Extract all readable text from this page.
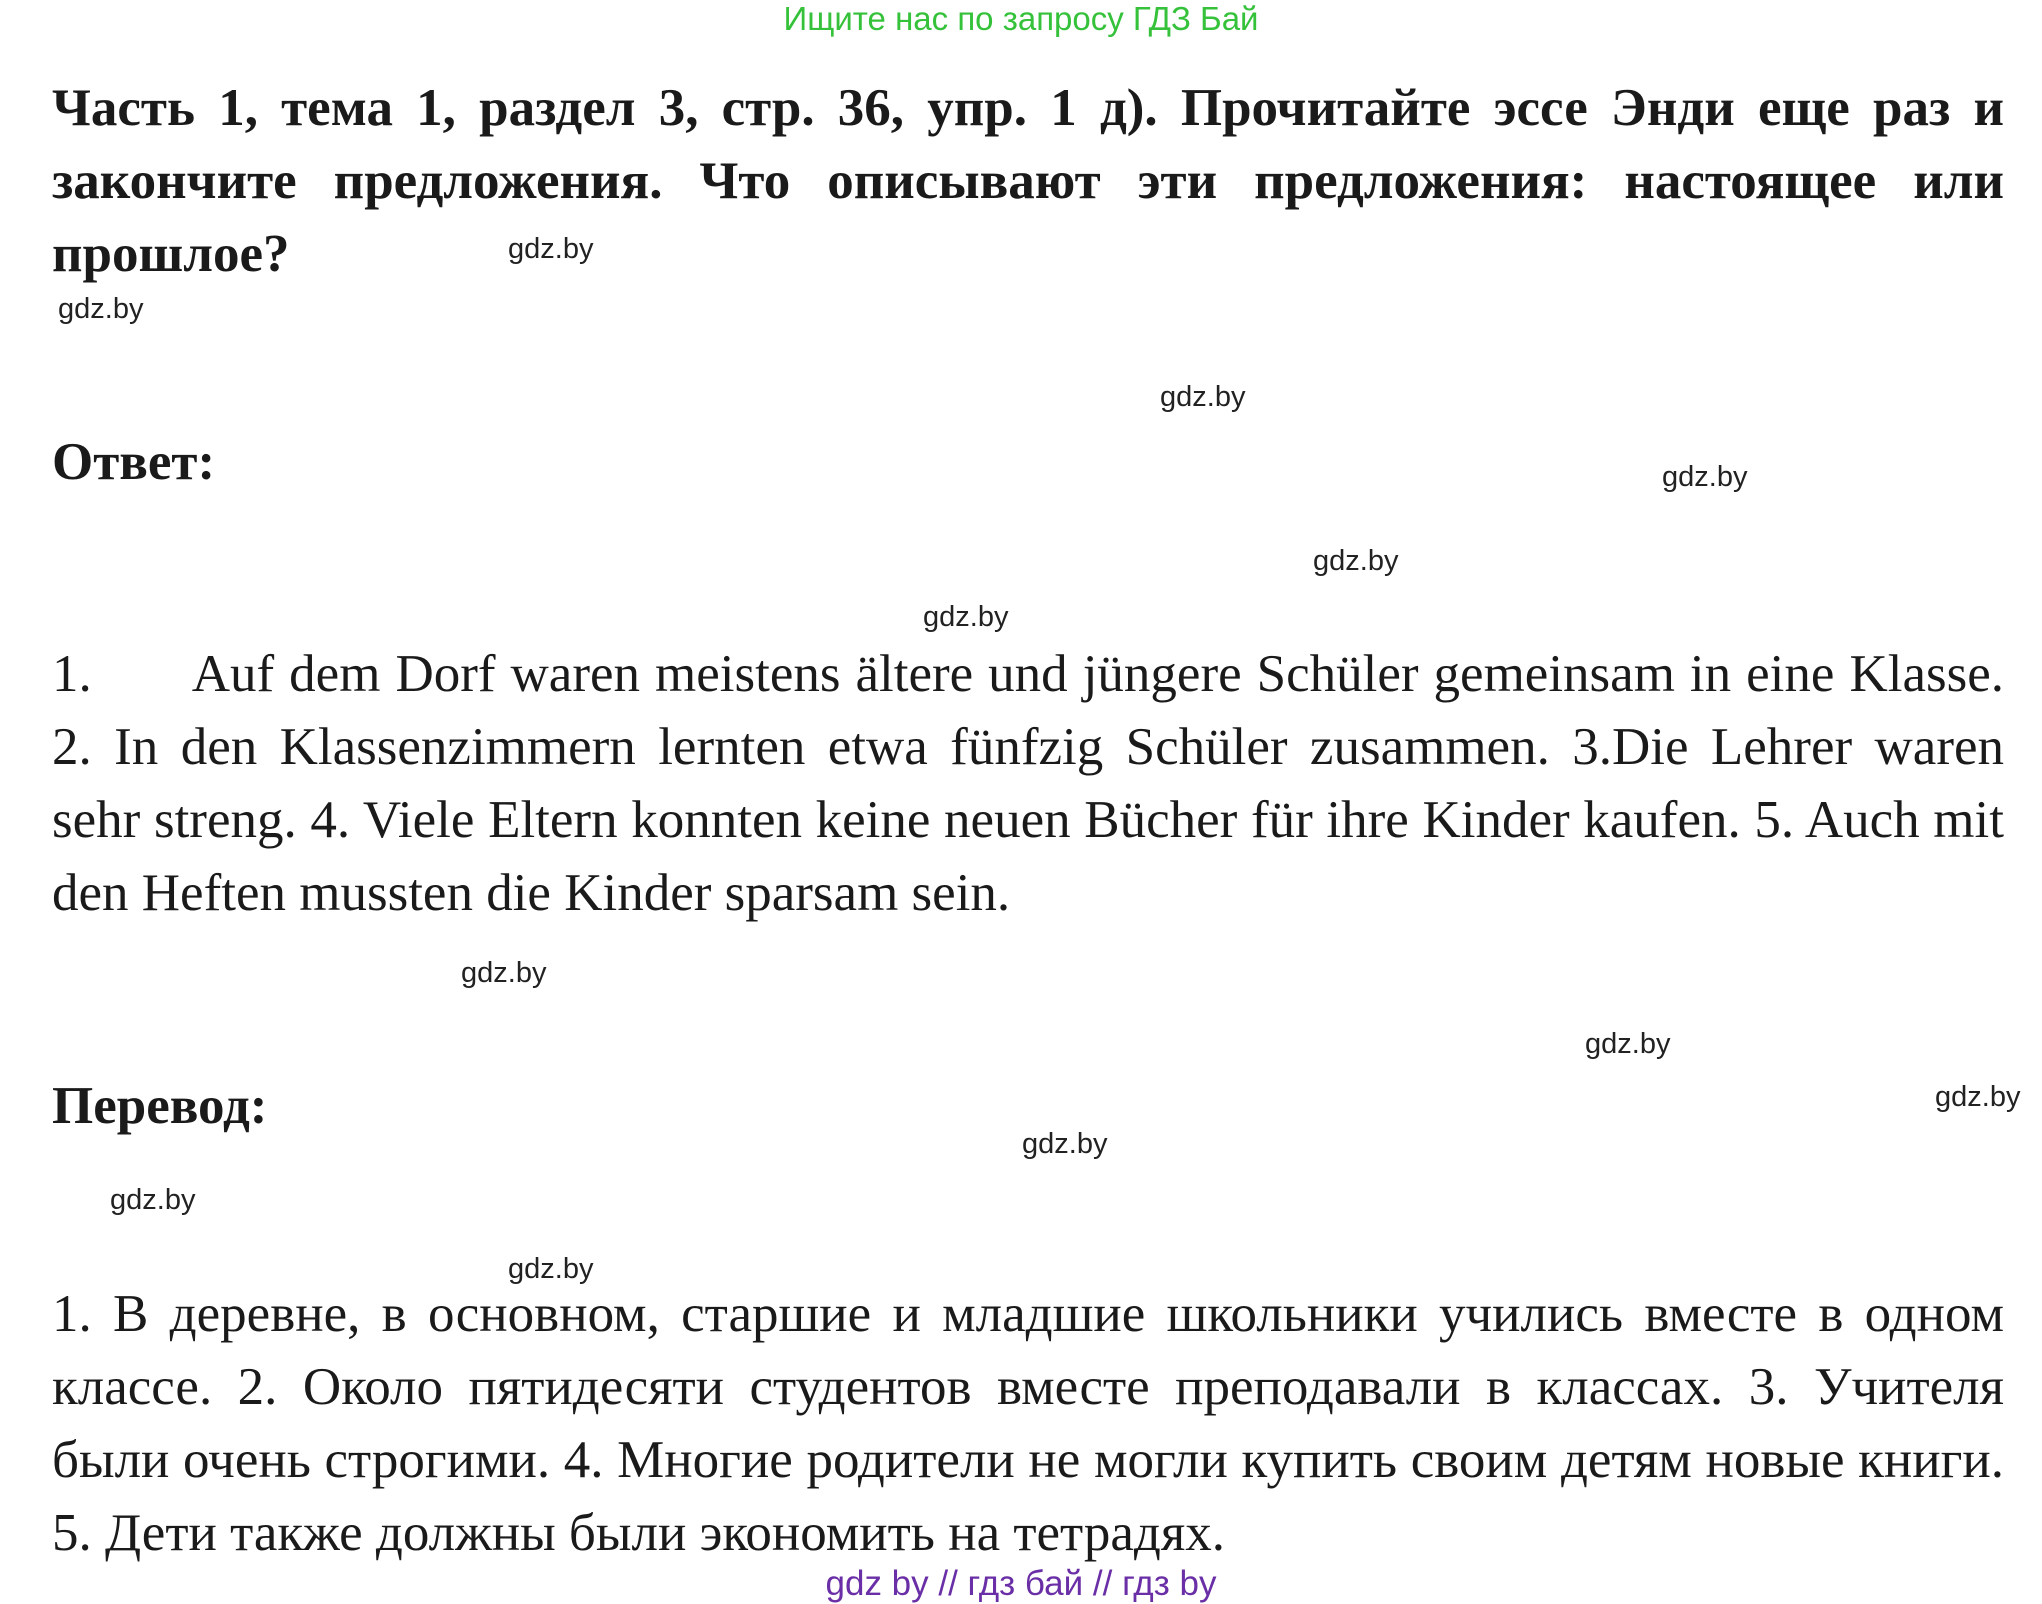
Ищите нас по запросу ГДЗ Бай
Часть 1, тема 1, раздел 3, стр. 36, упр. 1 д). Прочитайте эссе Энди еще раз и закончите предложения. Что описывают эти предложения: настоящее или прошлое?
Ответ:
1. Auf dem Dorf waren meistens ältere und jüngere Schüler gemeinsam in eine Klasse. 2. In den Klassenzimmern lernten etwa fünfzig Schüler zusammen. 3.Die Lehrer waren sehr streng. 4. Viele Eltern konnten keine neuen Bücher für ihre Kinder kaufen. 5. Auch mit den Heften mussten die Kinder sparsam sein.
Перевод:
1. В деревне, в основном, старшие и младшие школьники учились вместе в одном классе. 2. Около пятидесяти студентов вместе преподавали в классах. 3. Учителя были очень строгими. 4. Многие родители не могли купить своим детям новые книги. 5. Дети также должны были экономить на тетрадях.
gdz.by
gdz.by
gdz.by
gdz.by
gdz.by
gdz.by
gdz.by
gdz.by
gdz.by
gdz.by
gdz.by
gdz.by
gdz by // гдз бай // гдз by
